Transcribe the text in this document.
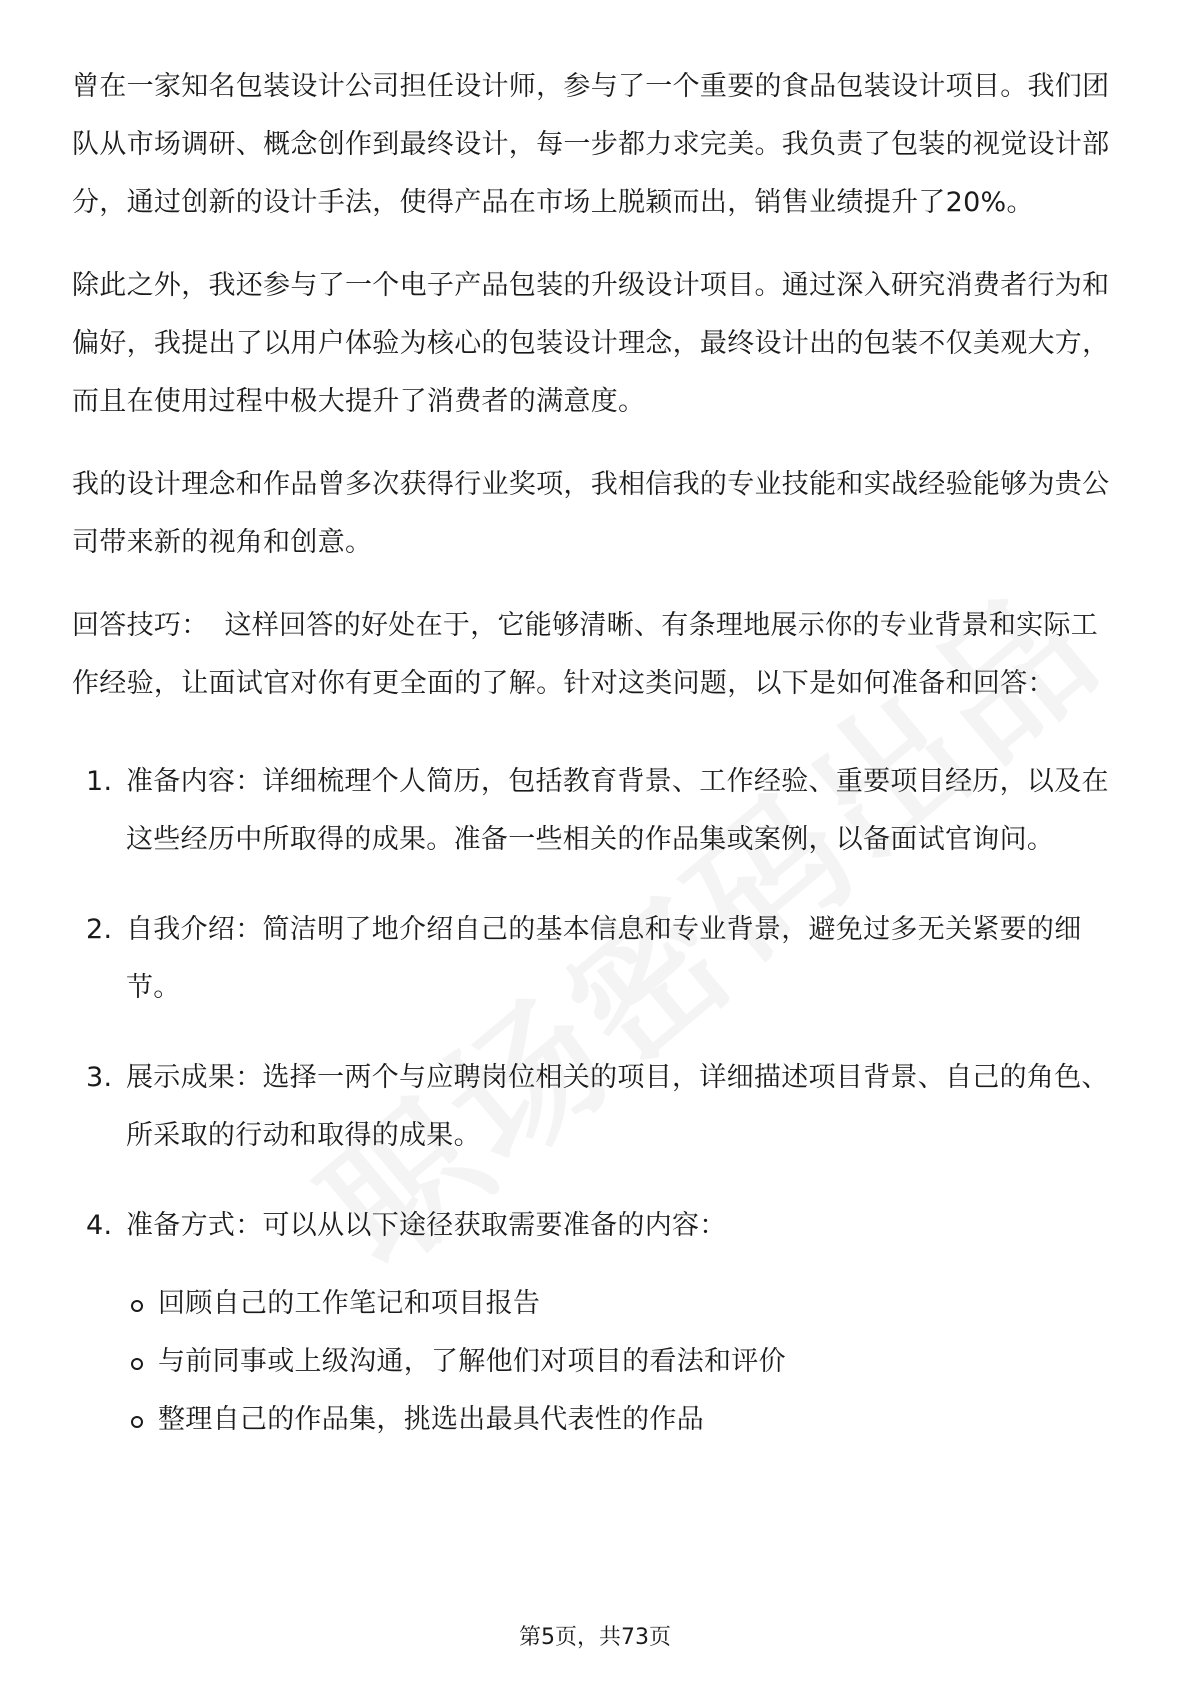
曾在一家知名包装设计公司担任设计师，参与了一个重要的食品包装设计项目。我们团队从市场调研、概念创作到最终设计，每一步都力求完美。我负责了包装的视觉设计部分，通过创新的设计手法，使得产品在市场上脱颖而出，销售业绩提升了20%。

除此之外，我还参与了一个电子产品包装的升级设计项目。通过深入研究消费者行为和偏好，我提出了以用户体验为核心的包装设计理念，最终设计出的包装不仅美观大方，而且在使用过程中极大提升了消费者的满意度。

我的设计理念和作品曾多次获得行业奖项，我相信我的专业技能和实战经验能够为贵公司带来新的视角和创意。

回答技巧： 这样回答的好处在于，它能够清晰、有条理地展示你的专业背景和实际工作经验，让面试官对你有更全面的了解。针对这类问题，以下是如何准备和回答：

1. 准备内容：详细梳理个人简历，包括教育背景、工作经验、重要项目经历，以及在这些经历中所取得的成果。准备一些相关的作品集或案例，以备面试官询问。
2. 自我介绍：简洁明了地介绍自己的基本信息和专业背景，避免过多无关紧要的细节。
3. 展示成果：选择一两个与应聘岗位相关的项目，详细描述项目背景、自己的角色、所采取的行动和取得的成果。
4. 准备方式：可以从以下途径获取需要准备的内容：
回顾自己的工作笔记和项目报告
与前同事或上级沟通，了解他们对项目的看法和评价
整理自己的作品集，挑选出最具代表性的作品
第5页，共73页
